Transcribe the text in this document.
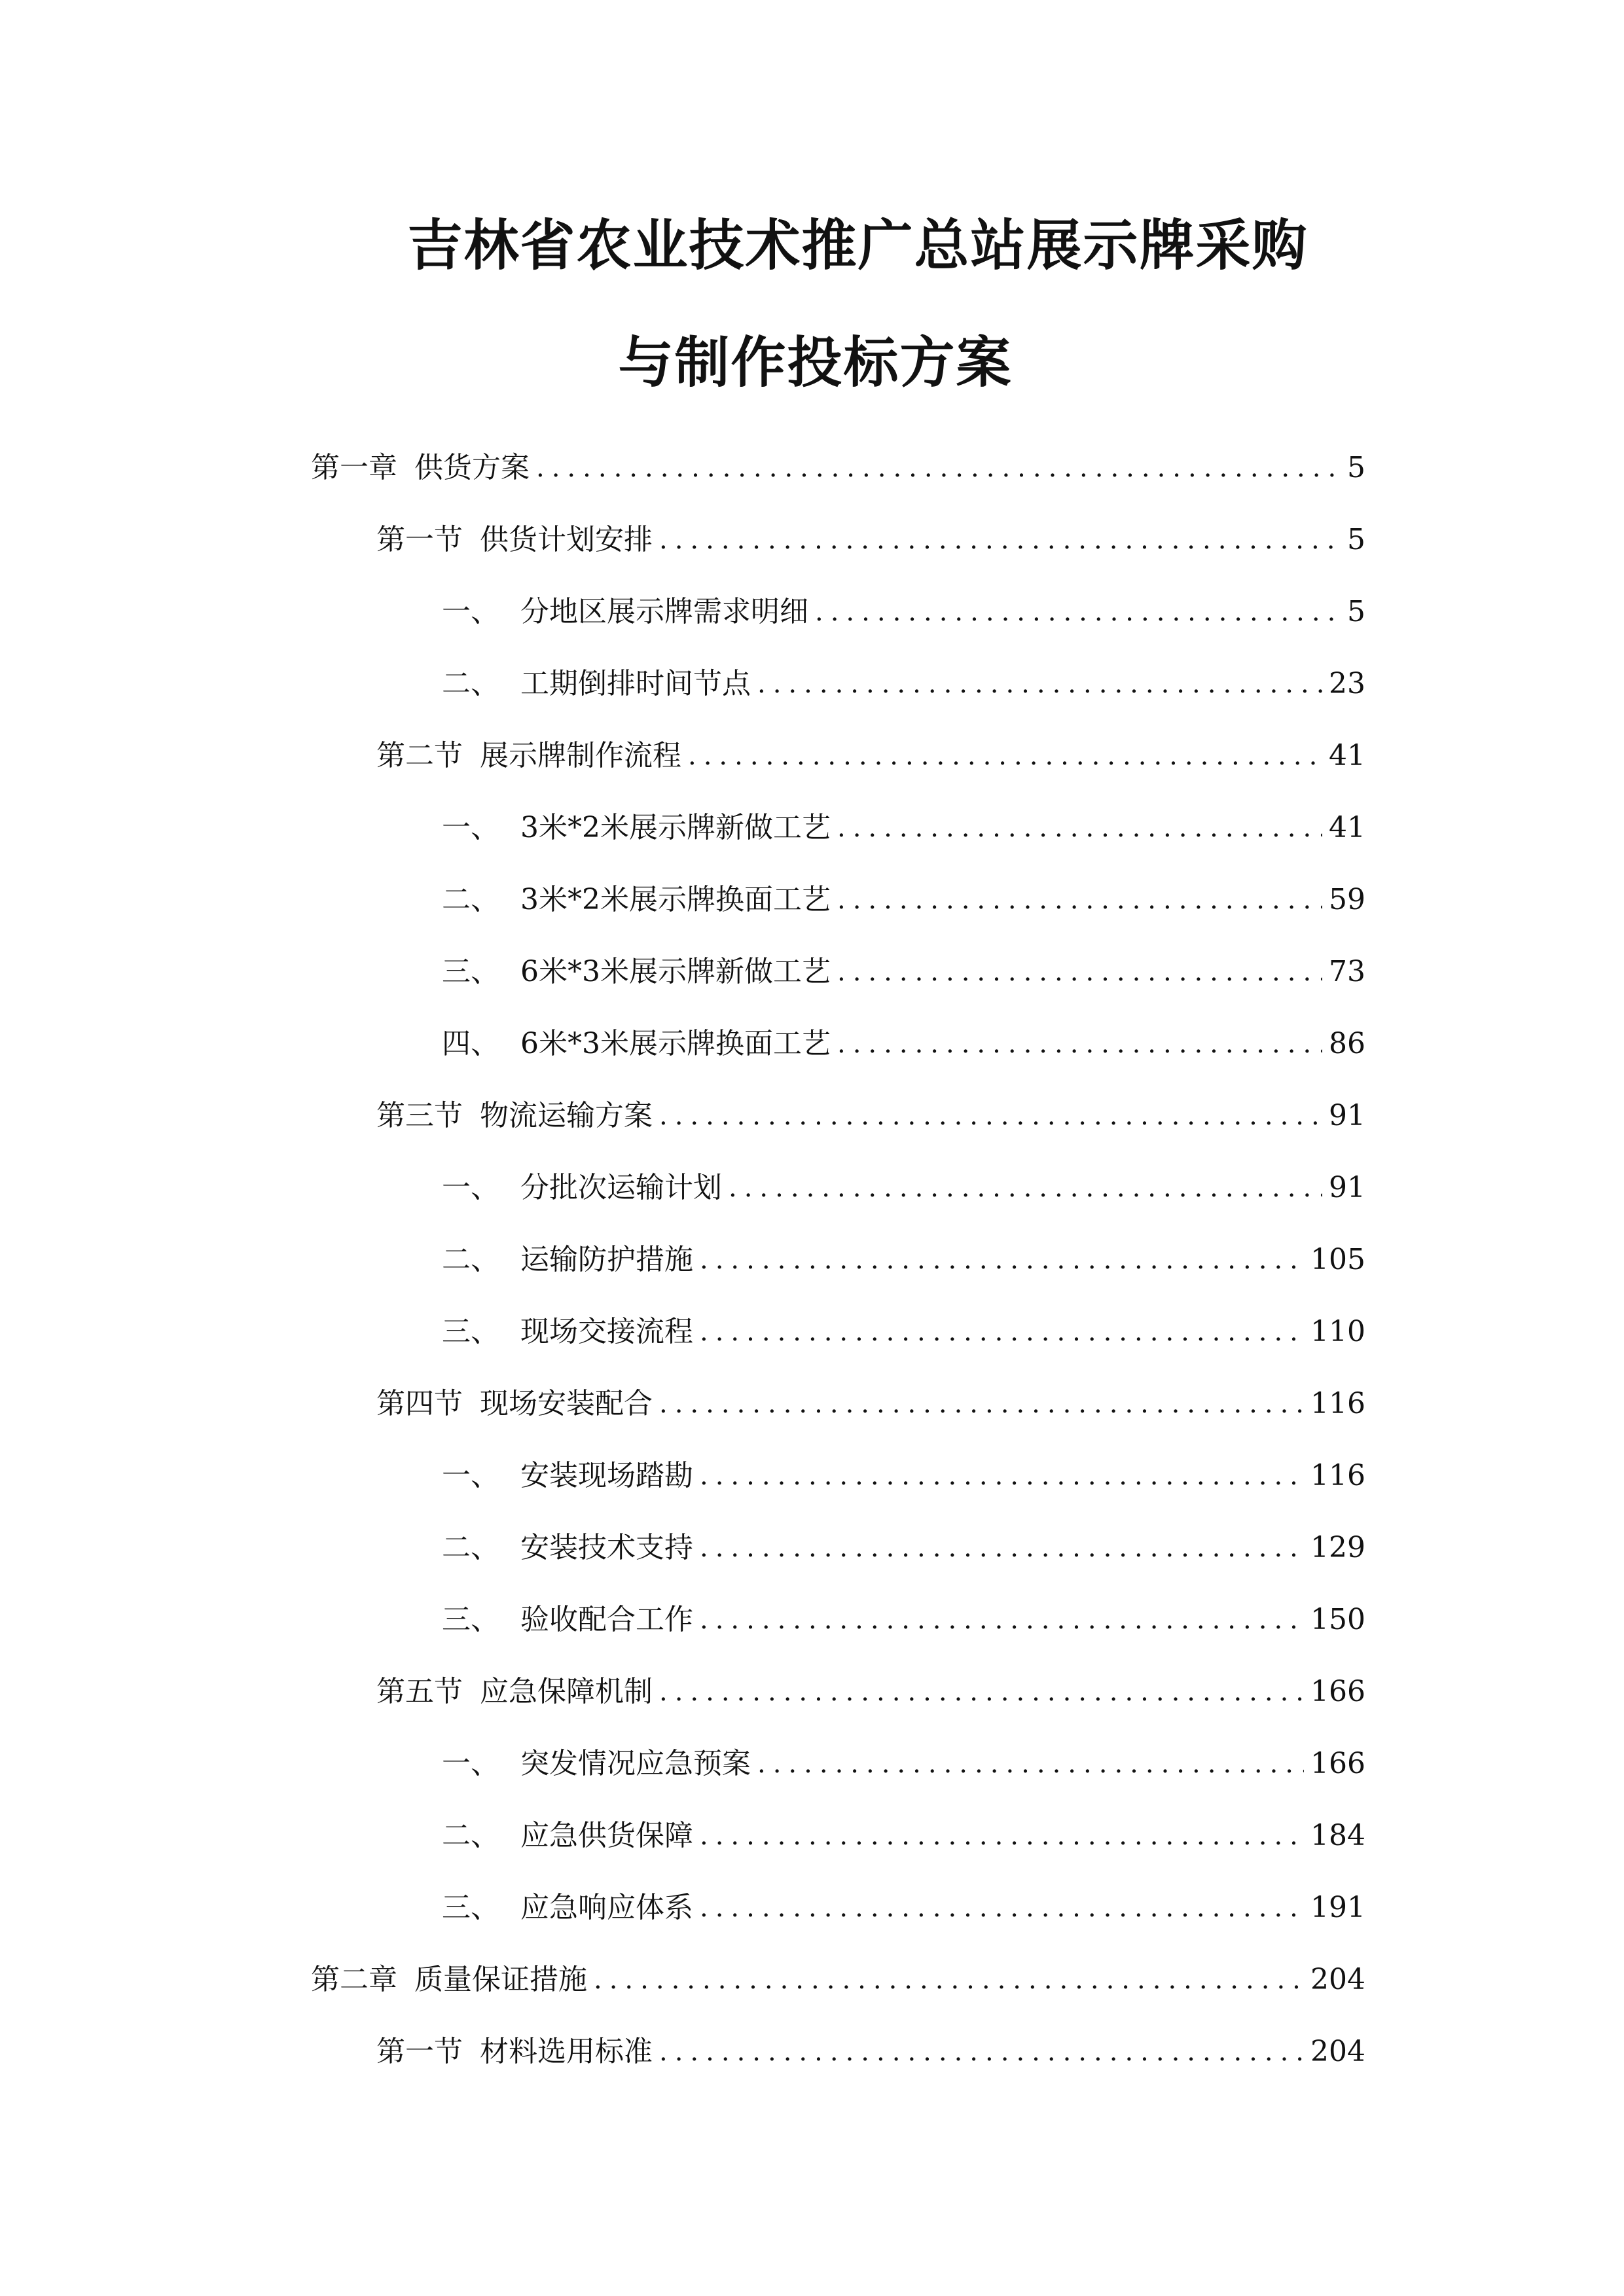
吉林省农业技术推广总站展示牌采购
与制作投标方案
第一章 供货方案 .....	5
第一节 供货计划安排 .....	5
一、 分地区展示牌需求明细 .....	5
二、 工期倒排时间节点 .....	23
第二节 展示牌制作流程 .....	41
一、 3米*2米展示牌新做工艺 .....	41
二、 3米*2米展示牌换面工艺 .....	59
三、 6米*3米展示牌新做工艺 .....	73
四、 6米*3米展示牌换面工艺 .....	86
第三节 物流运输方案 .....	91
一、 分批次运输计划 .....	91
二、 运输防护措施 .....	105
三、 现场交接流程 .....	110
第四节 现场安装配合 .....	116
一、 安装现场踏勘 .....	116
二、 安装技术支持 .....	129
三、 验收配合工作 .....	150
第五节 应急保障机制 .....	166
一、 突发情况应急预案 .....	166
二、 应急供货保障 .....	184
三、 应急响应体系 .....	191
第二章 质量保证措施 .....	204
第一节 材料选用标准 .....	204
